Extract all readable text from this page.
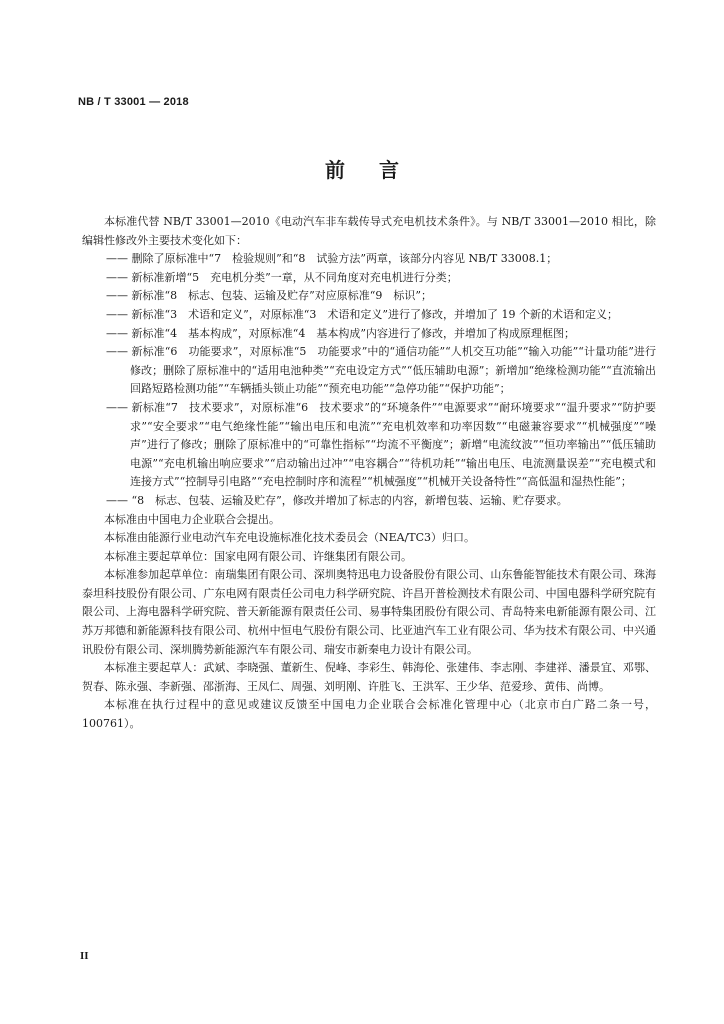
NB / T 33001 — 2018
前言

本标准代替 NB/T 33001—2010《电动汽车非车载传导式充电机技术条件》。与 NB/T 33001—2010 相比，除编辑性修改外主要技术变化如下：

—— 删除了原标准中“7　检验规则”和“8　试验方法”两章，该部分内容见 NB/T 33008.1；

—— 新标准新增“5　充电机分类”一章，从不同角度对充电机进行分类；

—— 新标准“8　标志、包装、运输及贮存”对应原标准“9　标识”；

—— 新标准“3　术语和定义”，对原标准“3　术语和定义”进行了修改，并增加了 19 个新的术语和定义；

—— 新标准“4　基本构成”，对原标准“4　基本构成”内容进行了修改，并增加了构成原理框图；

—— 新标准“6　功能要求”，对原标准“5　功能要求”中的“通信功能”“人机交互功能”“输入功能”“计量功能”进行修改；删除了原标准中的“适用电池种类”“充电设定方式”“低压辅助电源”；新增加“绝缘检测功能”“直流输出回路短路检测功能”“车辆插头锁止功能”“预充电功能”“急停功能”“保护功能”；

—— 新标准“7　技术要求”，对原标准“6　技术要求”的“环境条件”“电源要求”“耐环境要求”“温升要求”“防护要求”“安全要求”“电气绝缘性能”“输出电压和电流”“充电机效率和功率因数”“电磁兼容要求”“机械强度”“噪声”进行了修改；删除了原标准中的“可靠性指标”“均流不平衡度”；新增“电流纹波”“恒功率输出”“低压辅助电源”“充电机输出响应要求”“启动输出过冲”“电容耦合”“待机功耗”“输出电压、电流测量误差”“充电模式和连接方式”“控制导引电路”“充电控制时序和流程”“机械强度”“机械开关设备特性”“高低温和湿热性能”；

—— “8　标志、包装、运输及贮存”，修改并增加了标志的内容，新增包装、运输、贮存要求。

本标准由中国电力企业联合会提出。

本标准由能源行业电动汽车充电设施标准化技术委员会（NEA/TC3）归口。

本标准主要起草单位：国家电网有限公司、许继集团有限公司。

本标准参加起草单位：南瑞集团有限公司、深圳奥特迅电力设备股份有限公司、山东鲁能智能技术有限公司、珠海泰坦科技股份有限公司、广东电网有限责任公司电力科学研究院、许昌开普检测技术有限公司、中国电器科学研究院有限公司、上海电器科学研究院、普天新能源有限责任公司、易事特集团股份有限公司、青岛特来电新能源有限公司、江苏万邦德和新能源科技有限公司、杭州中恒电气股份有限公司、比亚迪汽车工业有限公司、华为技术有限公司、中兴通讯股份有限公司、深圳腾势新能源汽车有限公司、瑞安市新秦电力设计有限公司。

本标准主要起草人：武斌、李晓强、董新生、倪峰、李彩生、韩海伦、张建伟、李志刚、李建祥、潘景宜、邓鄂、贺春、陈永强、李新强、邵浙海、王凤仁、周强、刘明刚、许胜飞、王洪军、王少华、范爱珍、黄伟、尚博。

本标准在执行过程中的意见或建议反馈至中国电力企业联合会标准化管理中心（北京市白广路二条一号，100761）。

II
